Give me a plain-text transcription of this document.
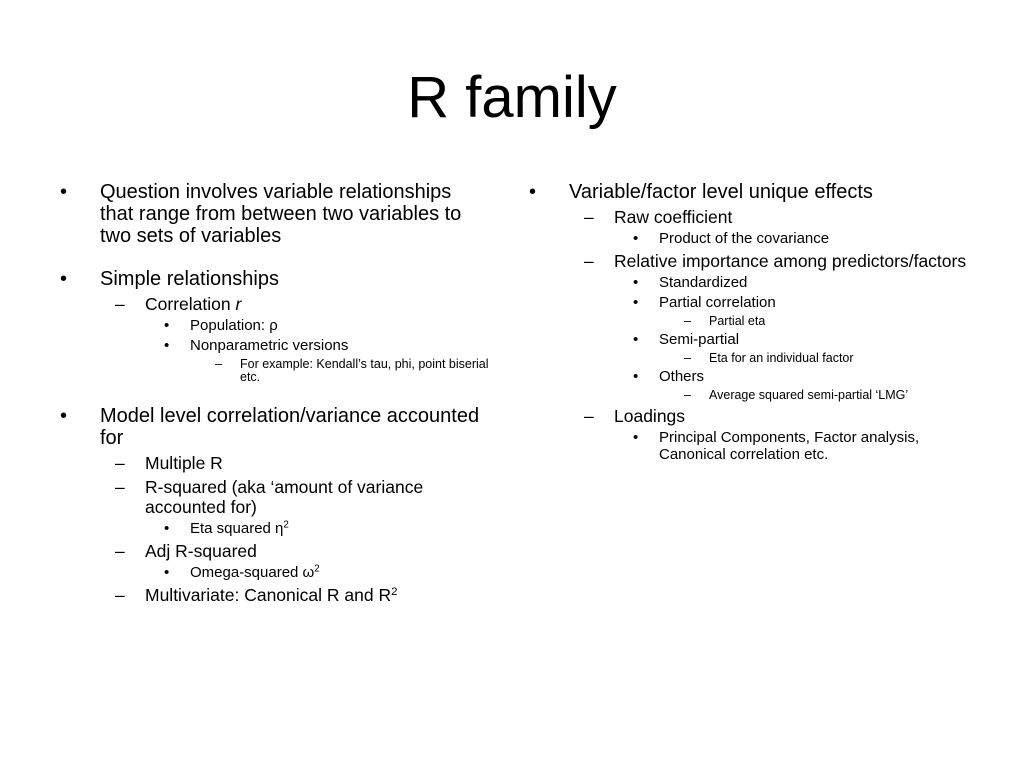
R family
• Question involves variable relationships that range from between two variables to two sets of variables
• Simple relationships
– Correlation r
• Population: ρ
• Nonparametric versions
– For example: Kendall’s tau, phi, point biserial etc.
• Model level correlation/variance accounted for
– Multiple R
– R-squared (aka ‘amount of variance accounted for)
• Eta squared $\eta^2$
– Adj R-squared
• Omega-squared $\omega^2$
– Multivariate: Canonical R and $R^2$
• Variable/factor level unique effects
– Raw coefficient
• Product of the covariance
– Relative importance among predictors/factors
• Standardized
• Partial correlation
– Partial eta
• Semi-partial
– Eta for an individual factor
• Others
– Average squared semi-partial ‘LMG’
– Loadings
• Principal Components, Factor analysis, Canonical correlation etc.
